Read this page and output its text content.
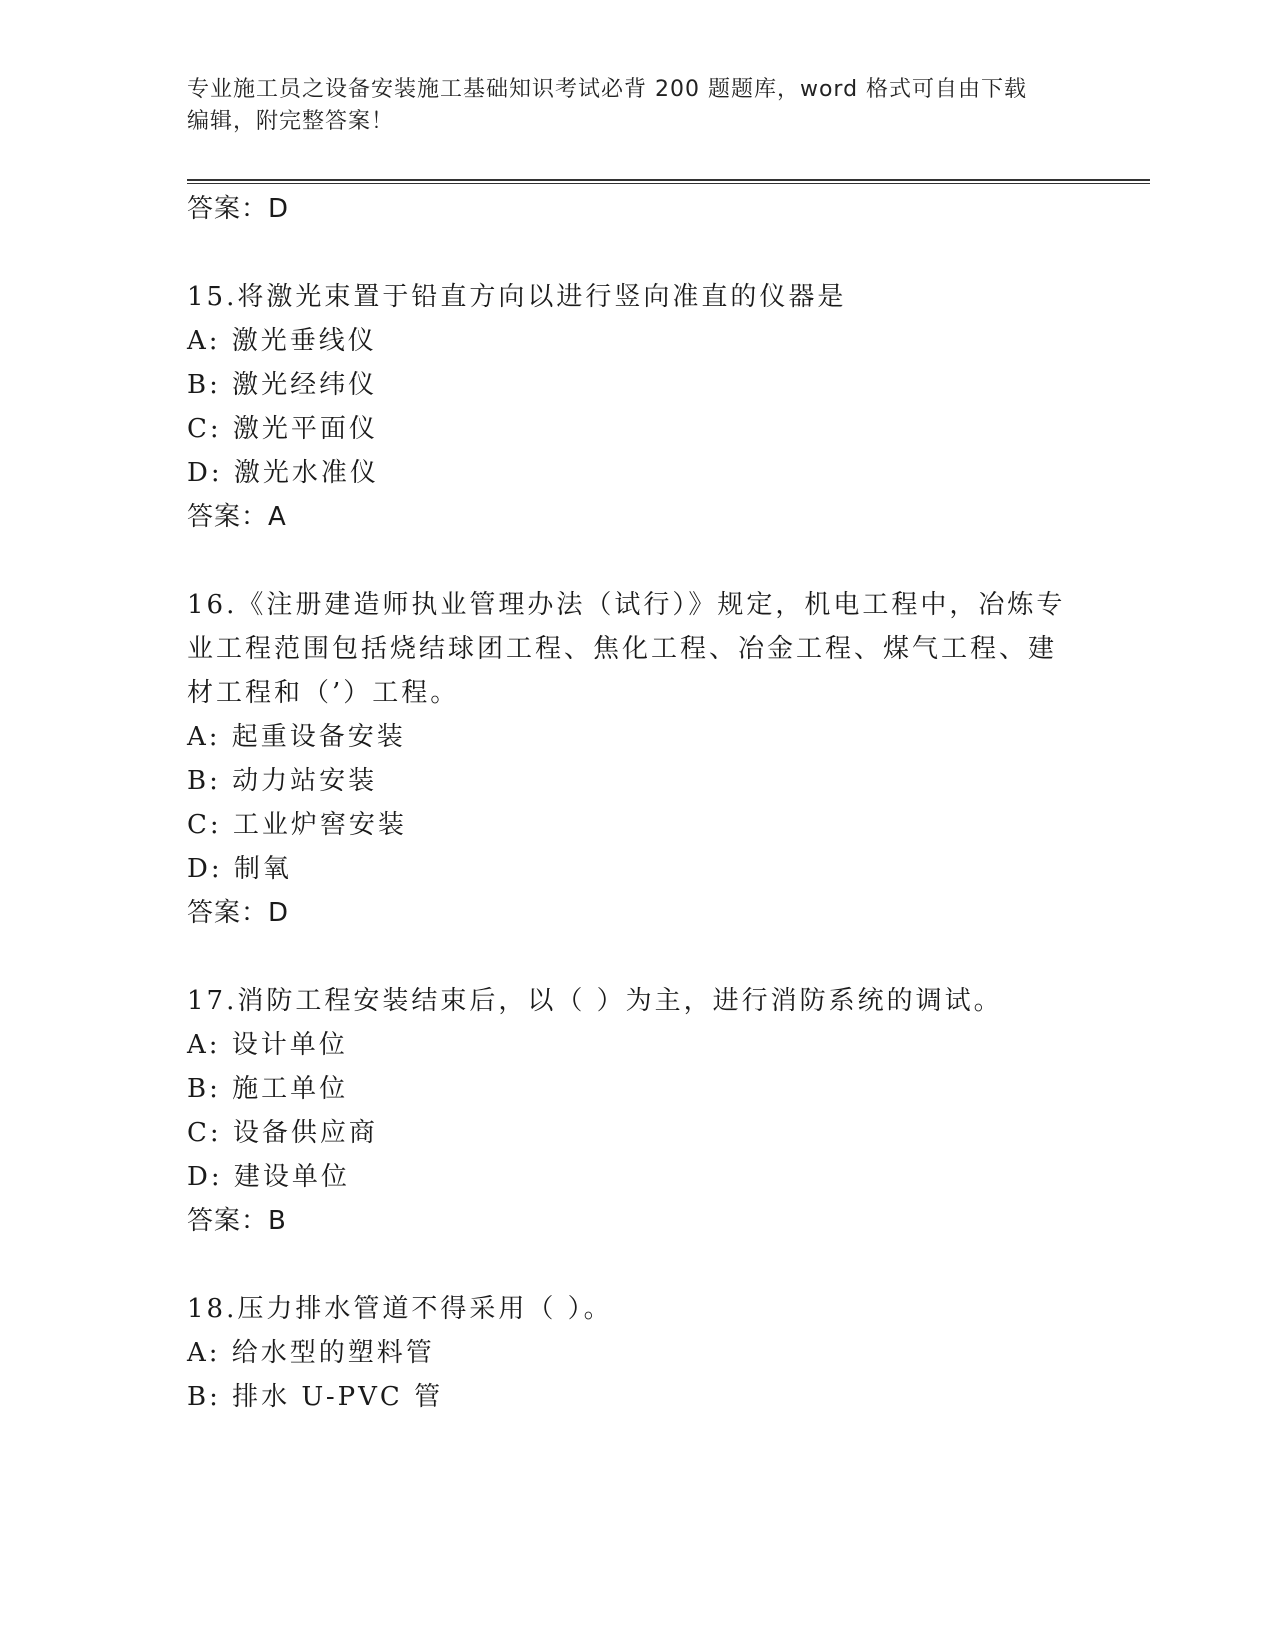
专业施工员之设备安装施工基础知识考试必背 200 题题库，word 格式可自由下载
编辑，附完整答案！
答案：D
15.将激光束置于铅直方向以进行竖向准直的仪器是
A: 激光垂线仪
B: 激光经纬仪
C: 激光平面仪
D: 激光水准仪
答案：A
16.《注册建造师执业管理办法（试行）》规定，机电工程中，冶炼专
业工程范围包括烧结球团工程、焦化工程、冶金工程、煤气工程、建
材工程和（’）工程。
A: 起重设备安装
B: 动力站安装
C: 工业炉窖安装
D: 制氧
答案：D
17.消防工程安装结束后，以（ ）为主，进行消防系统的调试。
A: 设计单位
B: 施工单位
C: 设备供应商
D: 建设单位
答案：B
18.压力排水管道不得采用（ ）。
A: 给水型的塑料管
B: 排水 U-PVC 管
